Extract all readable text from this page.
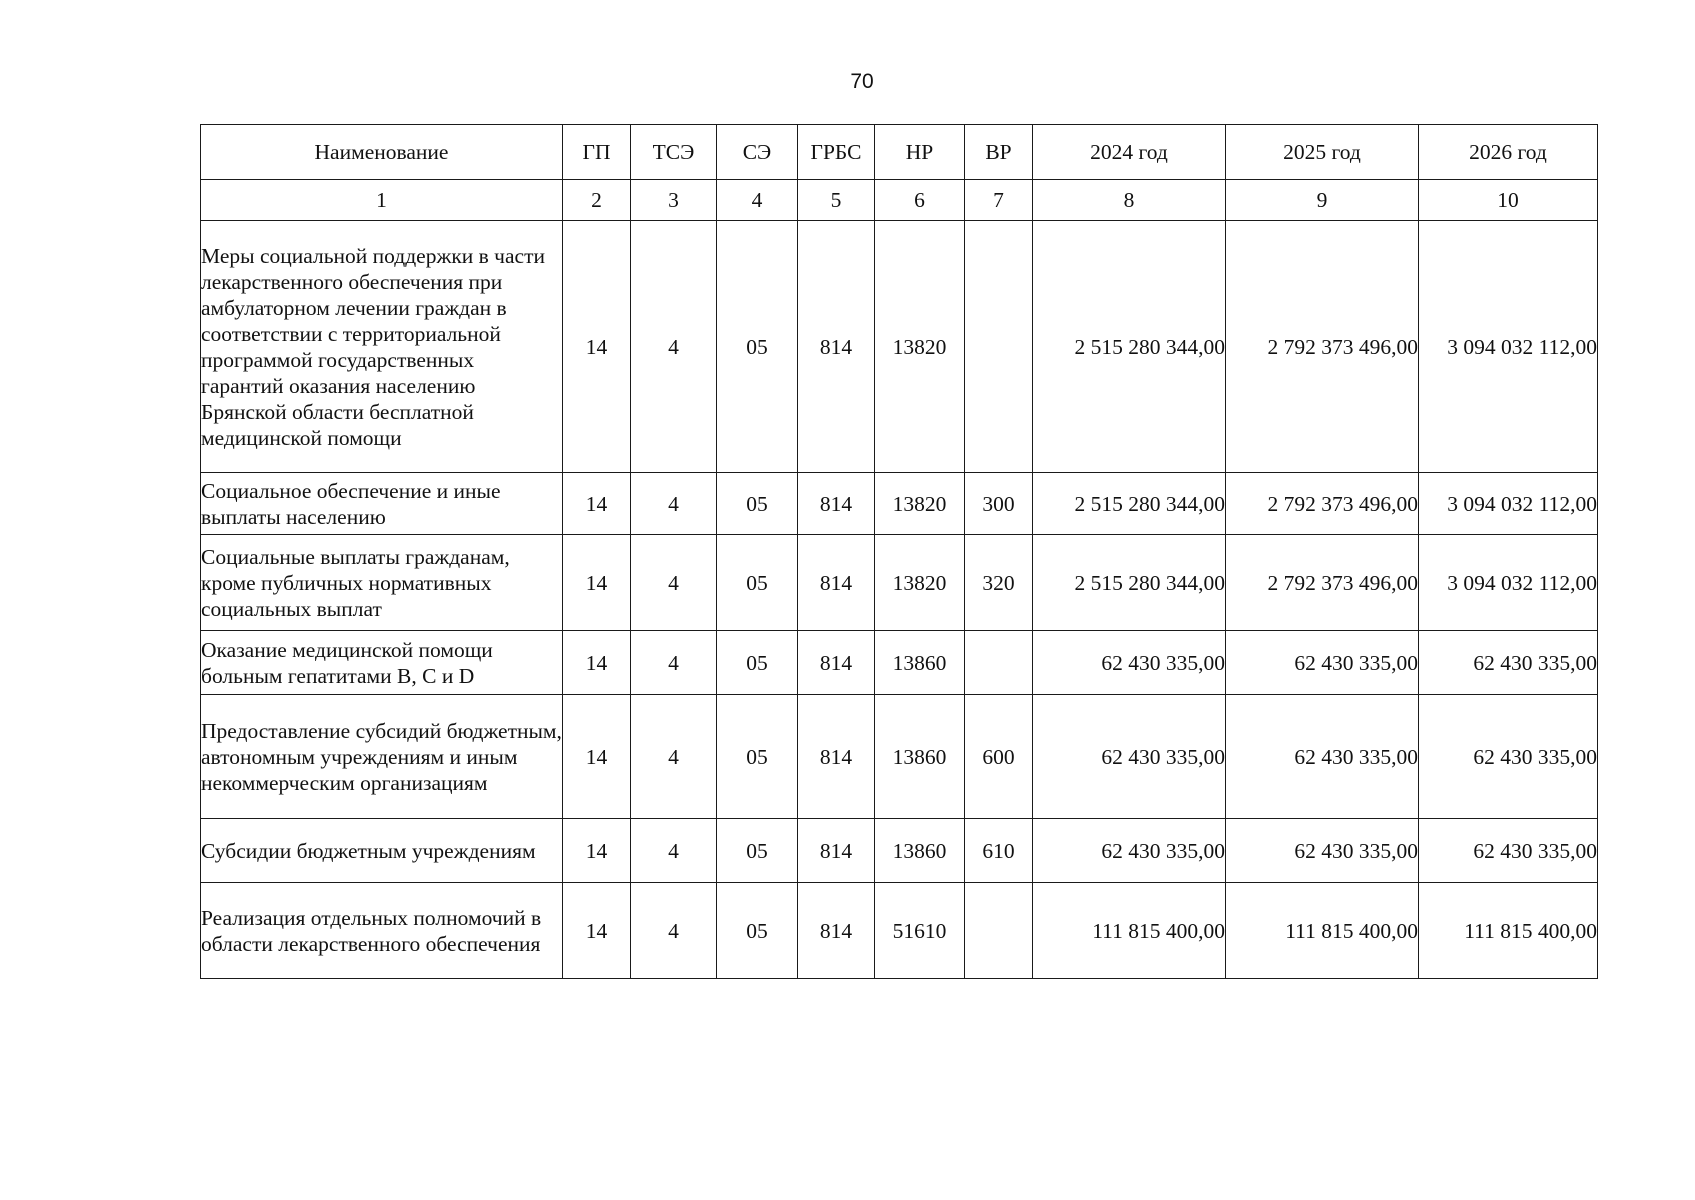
70
Наименование	ГП	ТСЭ	СЭ	ГРБС	НР	ВР	2024 год	2025 год	2026 год
1	2	3	4	5	6	7	8	9	10
Меры социальной поддержки в части лекарственного обеспечения при амбулаторном лечении граждан в соответствии с территориальной программой государственных гарантий оказания населению Брянской области бесплатной медицинской помощи	14	4	05	814	13820		2 515 280 344,00	2 792 373 496,00	3 094 032 112,00
Социальное обеспечение и иные выплаты населению	14	4	05	814	13820	300	2 515 280 344,00	2 792 373 496,00	3 094 032 112,00
Социальные выплаты гражданам, кроме публичных нормативных социальных выплат	14	4	05	814	13820	320	2 515 280 344,00	2 792 373 496,00	3 094 032 112,00
Оказание медицинской помощи больным гепатитами B, C и D	14	4	05	814	13860		62 430 335,00	62 430 335,00	62 430 335,00
Предоставление субсидий бюджетным, автономным учреждениям и иным некоммерческим организациям	14	4	05	814	13860	600	62 430 335,00	62 430 335,00	62 430 335,00
Субсидии бюджетным учреждениям	14	4	05	814	13860	610	62 430 335,00	62 430 335,00	62 430 335,00
Реализация отдельных полномочий в области лекарственного обеспечения	14	4	05	814	51610		111 815 400,00	111 815 400,00	111 815 400,00
